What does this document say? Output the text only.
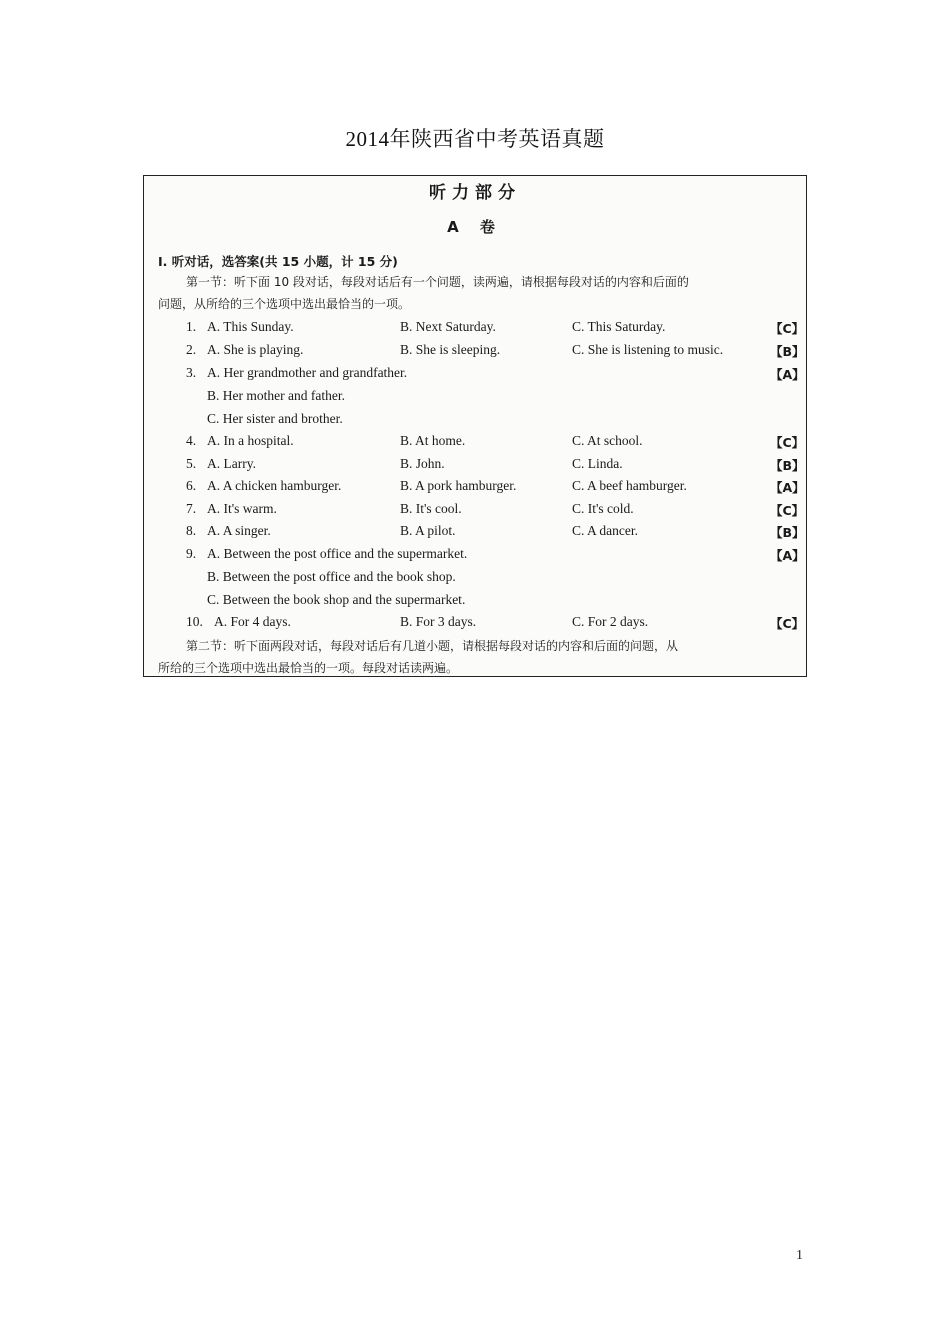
2014年陕西省中考英语真题
听力部分
A 卷
Ⅰ. 听对话，选答案(共 15 小题，计 15 分)
第一节：听下面 10 段对话，每段对话后有一个问题，读两遍，请根据每段对话的内容和后面的
问题，从所给的三个选项中选出最恰当的一项。
1. A. This Sunday.	B. Next Saturday.	C. This Saturday.	【C】
2. A. She is playing.	B. She is sleeping.	C. She is listening to music.	【B】
3. A. Her grandmother and grandfather.	【A】
B. Her mother and father.
C. Her sister and brother.
4. A. In a hospital.	B. At home.	C. At school.	【C】
5. A. Larry.	B. John.	C. Linda.	【B】
6. A. A chicken hamburger.	B. A pork hamburger.	C. A beef hamburger.	【A】
7. A. It's warm.	B. It's cool.	C. It's cold.	【C】
8. A. A singer.	B. A pilot.	C. A dancer.	【B】
9. A. Between the post office and the supermarket.	【A】
B. Between the post office and the book shop.
C. Between the book shop and the supermarket.
10. A. For 4 days.	B. For 3 days.	C. For 2 days.	【C】
第二节：听下面两段对话，每段对话后有几道小题，请根据每段对话的内容和后面的问题，从
所给的三个选项中选出最恰当的一项。每段对话读两遍。
1
